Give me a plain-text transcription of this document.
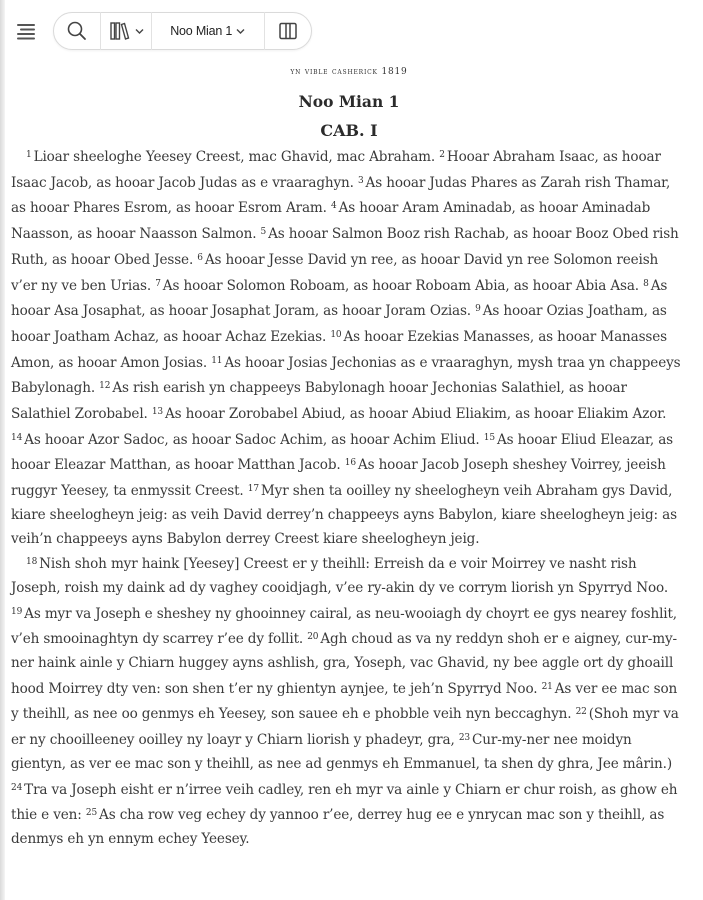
Noo Mian 1
yn vible casherick 1819
Noo Mian 1
CAB. I

$^1$ Lioar sheeloghe Yeesey Creest, mac Ghavid, mac Abraham. $^2$ Hooar Abraham Isaac, as hooar Isaac Jacob, as hooar Jacob Judas as e vraaraghyn. $^3$ As hooar Judas Phares as Zarah rish Thamar, as hooar Phares Esrom, as hooar Esrom Aram. $^4$ As hooar Aram Aminadab, as hooar Aminadab Naasson, as hooar Naasson Salmon. $^5$ As hooar Salmon Booz rish Rachab, as hooar Booz Obed rish Ruth, as hooar Obed Jesse. $^6$ As hooar Jesse David yn ree, as hooar David yn ree Solomon reeish v’er ny ve ben Urias. $^7$ As hooar Solomon Roboam, as hooar Roboam Abia, as hooar Abia Asa. $^8$ As hooar Asa Josaphat, as hooar Josaphat Joram, as hooar Joram Ozias. $^9$ As hooar Ozias Joatham, as hooar Joatham Achaz, as hooar Achaz Ezekias. $^{10}$ As hooar Ezekias Manasses, as hooar Manasses Amon, as hooar Amon Josias. $^{11}$ As hooar Josias Jechonias as e vraaraghyn, mysh traa yn chappeeys Babylonagh. $^{12}$ As rish earish yn chappeeys Babylonagh hooar Jechonias Salathiel, as hooar Salathiel Zorobabel. $^{13}$ As hooar Zorobabel Abiud, as hooar Abiud Eliakim, as hooar Eliakim Azor. $^{14}$ As hooar Azor Sadoc, as hooar Sadoc Achim, as hooar Achim Eliud. $^{15}$ As hooar Eliud Eleazar, as hooar Eleazar Matthan, as hooar Matthan Jacob. $^{16}$ As hooar Jacob Joseph sheshey Voirrey, jeeish ruggyr Yeesey, ta enmyssit Creest. $^{17}$ Myr shen ta ooilley ny sheelogheyn veih Abraham gys David, kiare sheelogheyn jeig: as veih David derrey’n chappeeys ayns Babylon, kiare sheelogheyn jeig: as veih’n chappeeys ayns Babylon derrey Creest kiare sheelogheyn jeig.

$^{18}$ Nish shoh myr haink [Yeesey] Creest er y theihll: Erreish da e voir Moirrey ve nasht rish Joseph, roish my daink ad dy vaghey cooidjagh, v’ee ry-akin dy ve corrym liorish yn Spyrryd Noo. $^{19}$ As myr va Joseph e sheshey ny ghooinney cairal, as neu-wooiagh dy choyrt ee gys nearey foshlit, v’eh smooinaghtyn dy scarrey r’ee dy follit. $^{20}$ Agh choud as va ny reddyn shoh er e aigney, cur-my-ner haink ainle y Chiarn huggey ayns ashlish, gra, Yoseph, vac Ghavid, ny bee aggle ort dy ghoaill hood Moirrey dty ven: son shen t’er ny ghientyn aynjee, te jeh’n Spyrryd Noo. $^{21}$ As ver ee mac son y theihll, as nee oo genmys eh Yeesey, son sauee eh e phobble veih nyn beccaghyn. $^{22}$ (Shoh myr va er ny chooilleeney ooilley ny loayr y Chiarn liorish y phadeyr, gra, $^{23}$ Cur-my-ner nee moidyn gientyn, as ver ee mac son y theihll, as nee ad genmys eh Emmanuel, ta shen dy ghra, Jee mârin.) $^{24}$ Tra va Joseph eisht er n’irree veih cadley, ren eh myr va ainle y Chiarn er chur roish, as ghow eh thie e ven: $^{25}$ As cha row veg echey dy yannoo r’ee, derrey hug ee e ynrycan mac son y theihll, as denmys eh yn ennym echey Yeesey.
